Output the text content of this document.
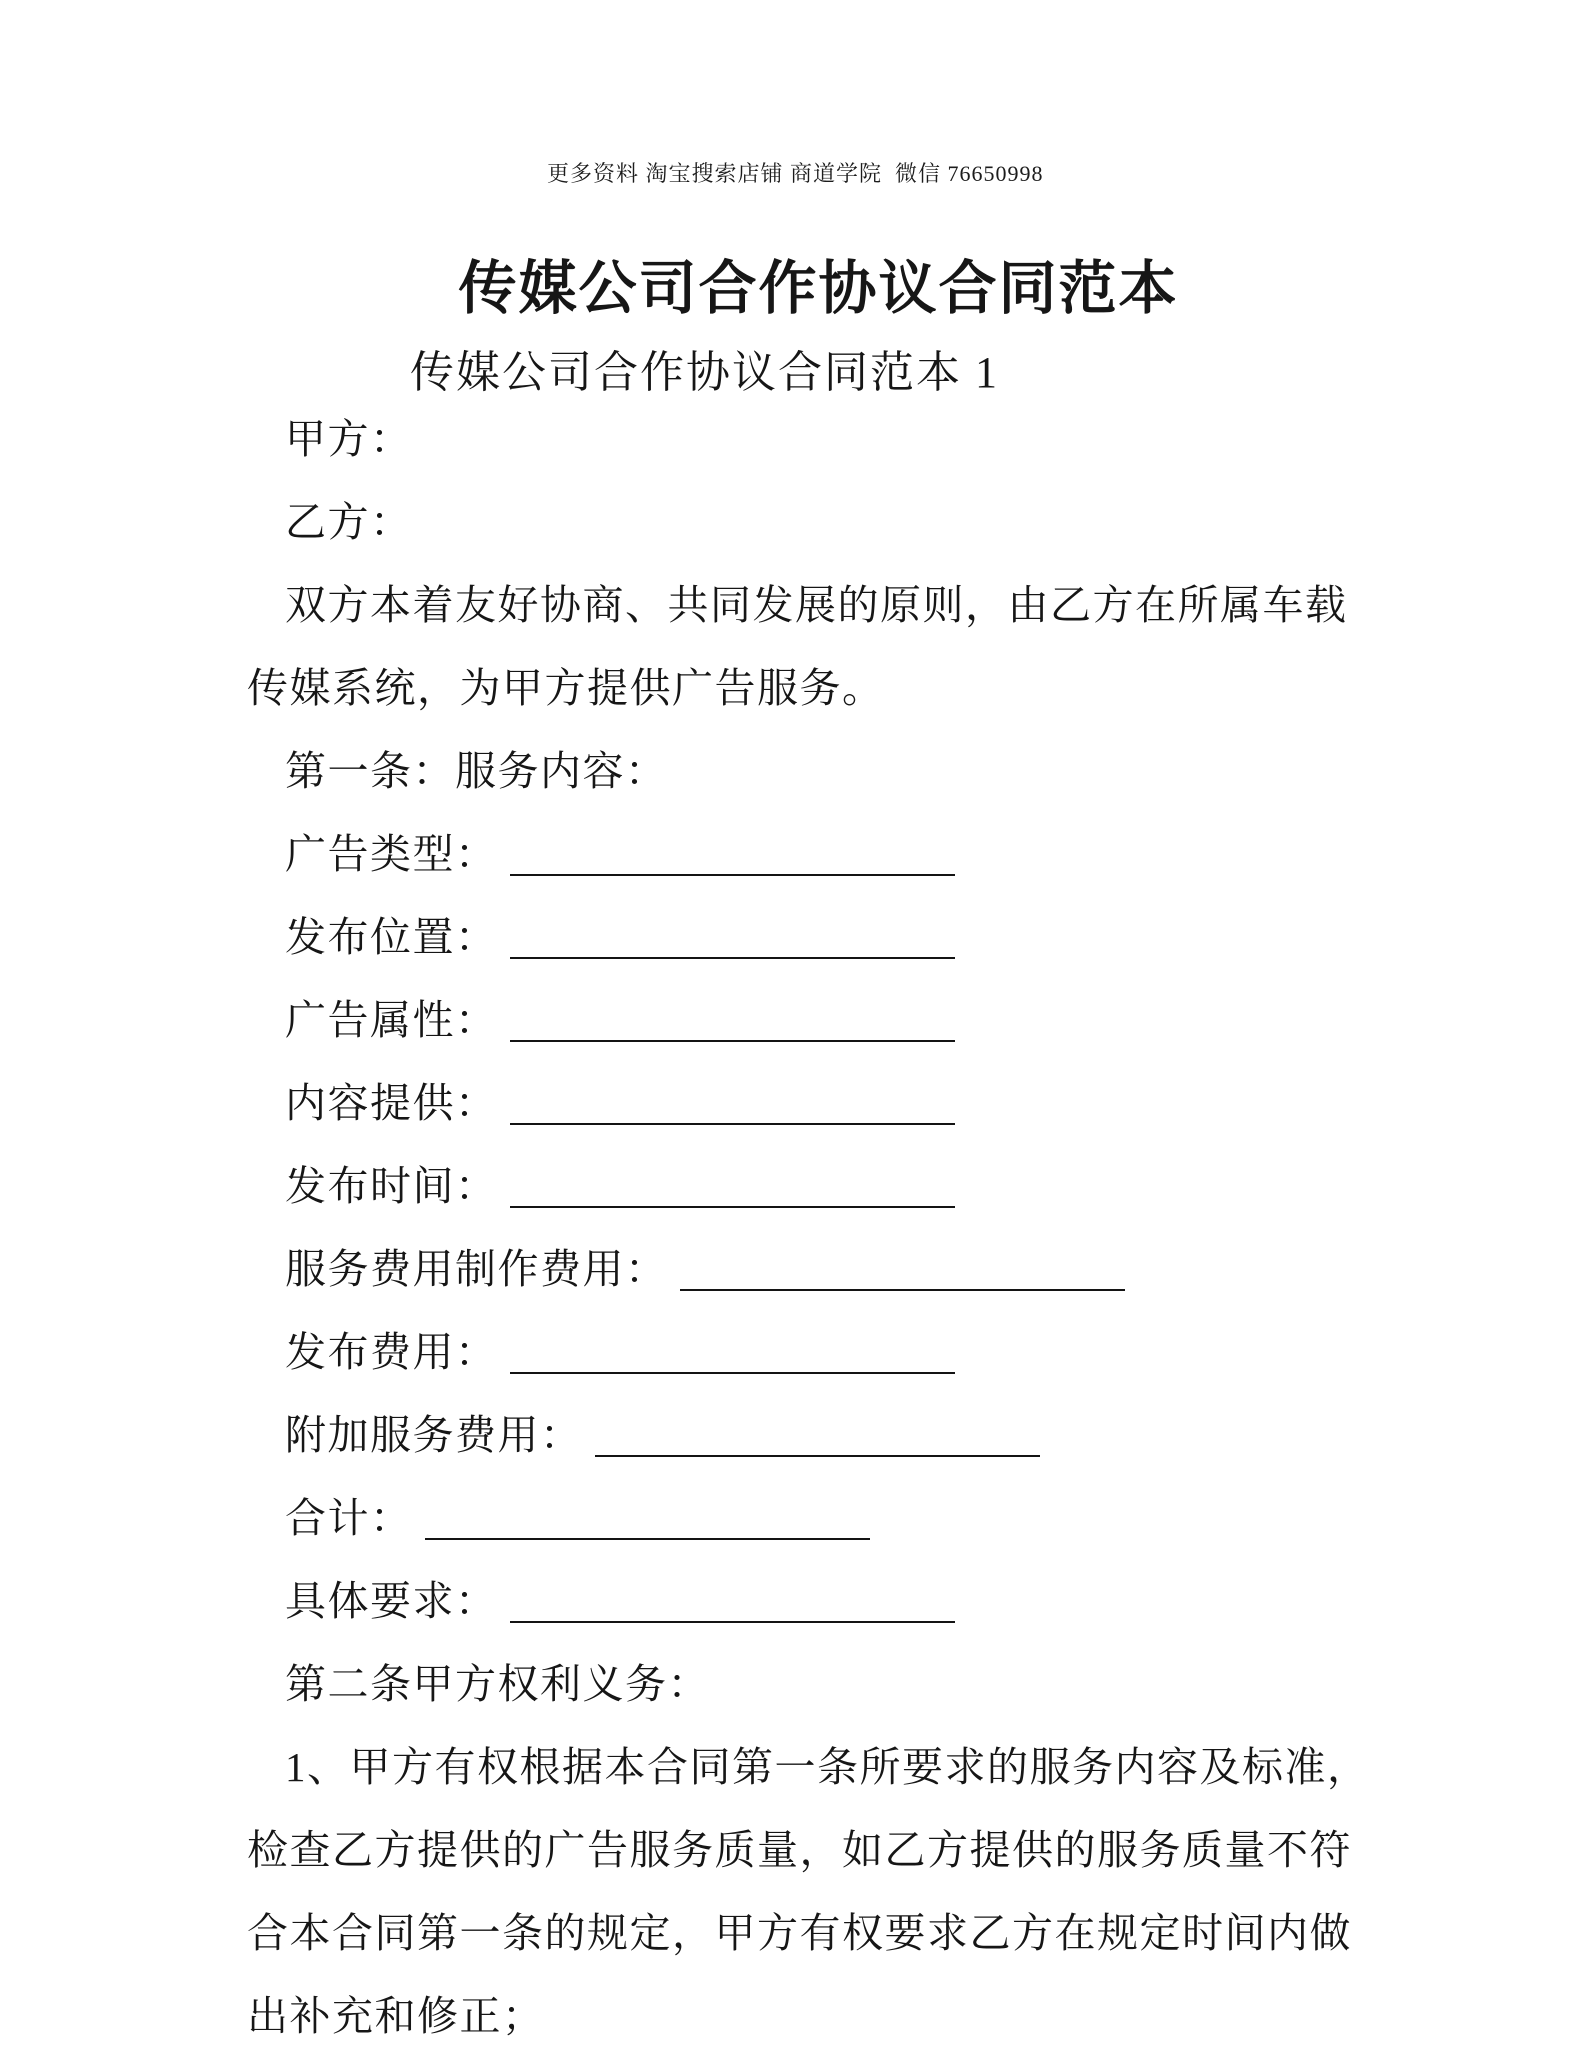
更多资料 淘宝搜索店铺 商道学院  微信 76650998
传媒公司合作协议合同范本
传媒公司合作协议合同范本 1
甲方：
乙方：
双方本着友好协商、共同发展的原则，由乙方在所属车载
传媒系统，为甲方提供广告服务。
第一条：服务内容：
广告类型：
发布位置：
广告属性：
内容提供：
发布时间：
服务费用制作费用：
发布费用：
附加服务费用：
合计：
具体要求：
第二条甲方权利义务：
1、甲方有权根据本合同第一条所要求的服务内容及标准，
检查乙方提供的广告服务质量，如乙方提供的服务质量不符
合本合同第一条的规定，甲方有权要求乙方在规定时间内做
出补充和修正；
